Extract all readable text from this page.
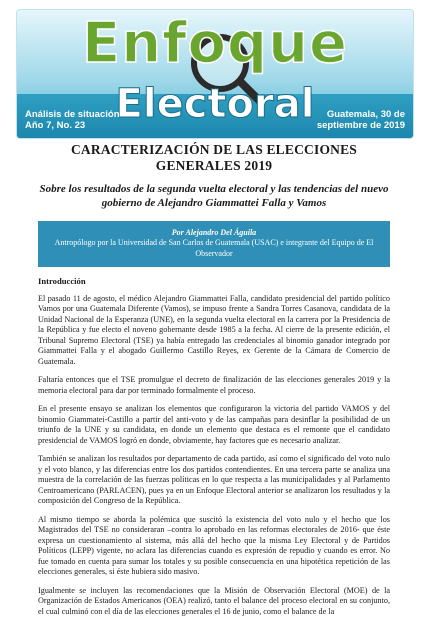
Enfoque
Electoral
Análisis de situación
Año 7, No. 23
Guatemala, 30 de
septiembre de 2019
CARACTERIZACIÓN DE LAS ELECCIONES GENERALES 2019
Sobre los resultados de la segunda vuelta electoral y las tendencias del nuevo gobierno de Alejandro Giammattei Falla y Vamos
Por Alejandro Del Águila
Antropólogo por la Universidad de San Carlos de Guatemala (USAC) e integrante del Equipo de El Observador
Introducción

El pasado 11 de agosto, el médico Alejandro Giammattei Falla, candidato presidencial del partido político Vamos por una Guatemala Diferente (Vamos), se impuso frente a Sandra Torres Casanova, candidata de la Unidad Nacional de la Esperanza (UNE), en la segunda vuelta electoral en la carrera por la Presidencia de la República y fue electo el noveno gobernante desde 1985 a la fecha. Al cierre de la presente edición, el Tribunal Supremo Electoral (TSE) ya había entregado las credenciales al binomio ganador integrado por Giammattei Falla y el abogado Guillermo Castillo Reyes, ex Gerente de la Cámara de Comercio de Guatemala.

Faltaría entonces que el TSE promulgue el decreto de finalización de las elecciones generales 2019 y la memoria electoral para dar por terminado formalmente el proceso.

En el presente ensayo se analizan los elementos que configuraron la victoria del partido VAMOS y del binomio Giammatei-Castillo a partir del anti-voto y de las campañas para desinflar la posibilidad de un triunfo de la UNE y su candidata, en donde un elemento que destaca es el remonte que el candidato presidencial de VAMOS logró en donde, obviamente, hay factores que es necesario analizar.

También se analizan los resultados por departamento de cada partido, así como el significado del voto nulo y el voto blanco, y las diferencias entre los dos partidos contendientes. En una tercera parte se analiza una muestra de la correlación de las fuerzas políticas en lo que respecta a las municipalidades y al Parlamento Centroamericano (PARLACEN), pues ya en un Enfoque Electoral anterior se analizaron los resultados y la composición del Congreso de la República.

Al mismo tiempo se aborda la polémica que suscitó la existencia del voto nulo y el hecho que los Magistrados del TSE no consideraran –contra lo aprobado en las reformas electorales de 2016- que éste expresa un cuestionamiento al sistema, más allá del hecho que la misma Ley Electoral y de Partidos Políticos (LEPP) vigente, no aclara las diferencias cuando es expresión de repudio y cuando es error. No fue tomado en cuenta para sumar los totales y su posible consecuencia en una hipotética repetición de las elecciones generales, si éste hubiera sido masivo.

Igualmente se incluyen las recomendaciones que la Misión de Observación Electoral (MOE) de la Organización de Estados Americanos (OEA) realizó, tanto el balance del proceso electoral en su conjunto, el cual culminó con el día de las elecciones generales el 16 de junio, como el balance de la
